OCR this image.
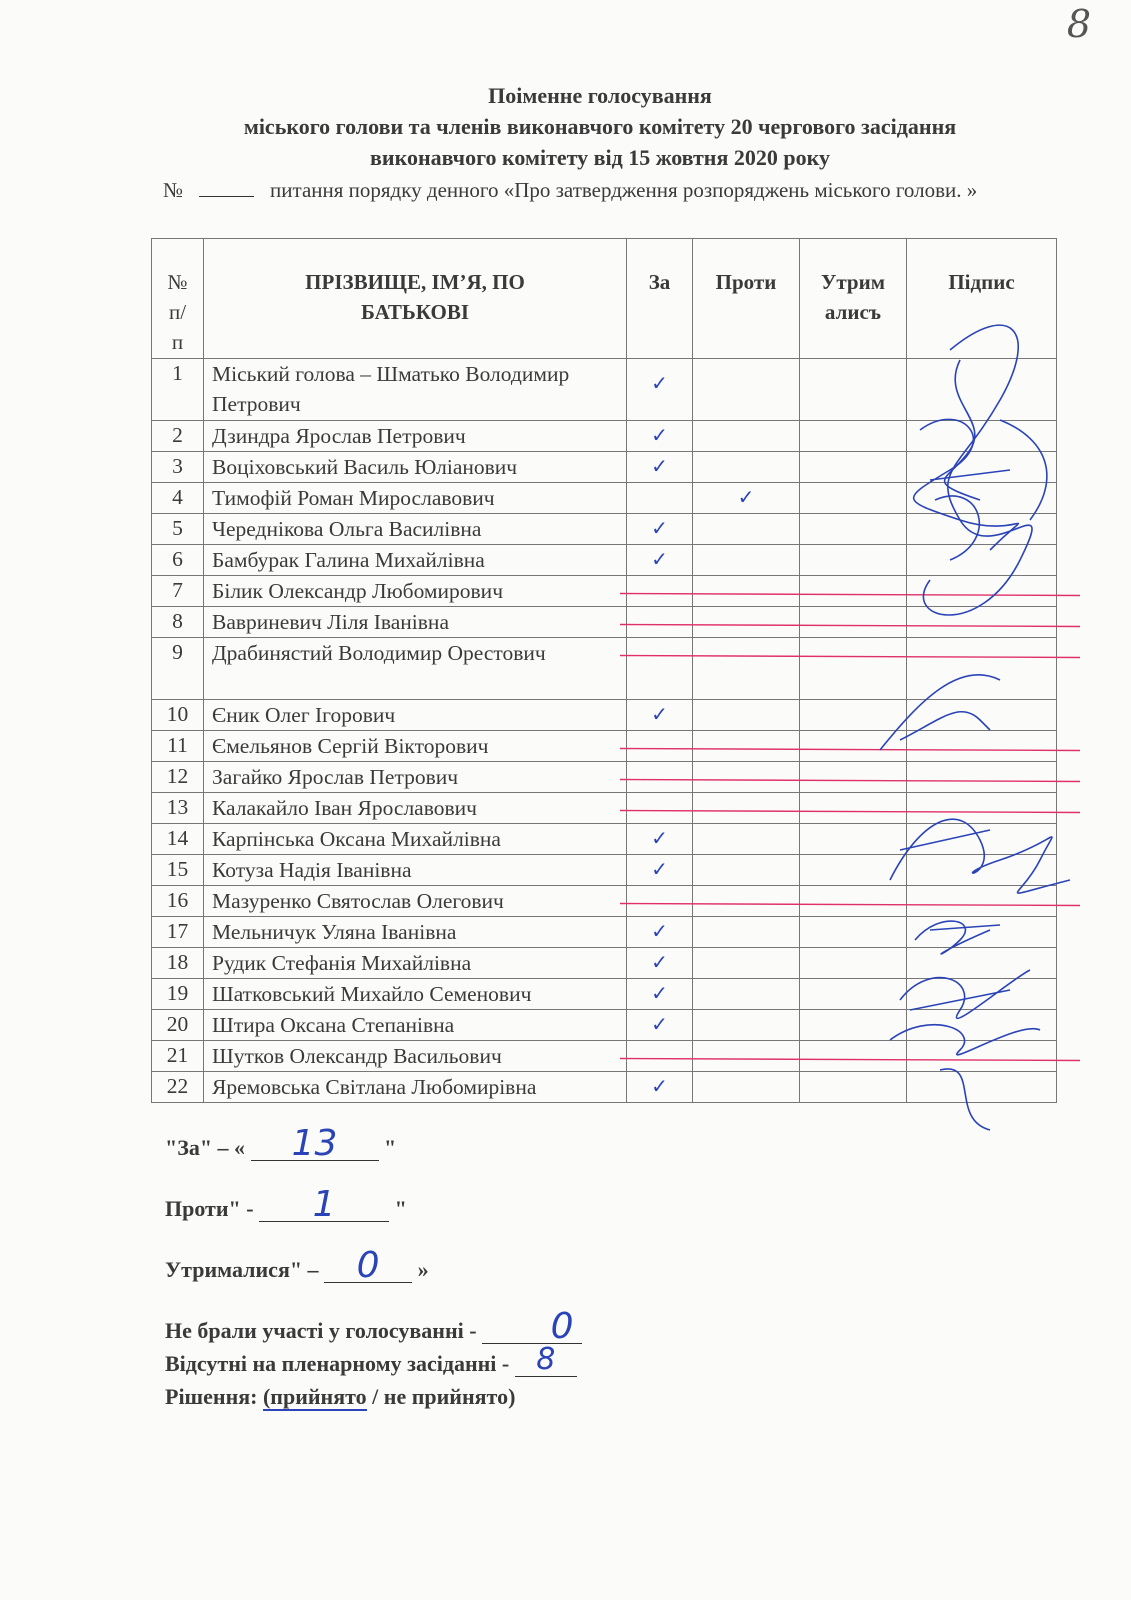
8
Поіменне голосування
міського голови та членів виконавчого комітету 20 чергового засідання
виконавчого комітету від 15 жовтня 2020 року
№	питання порядку денного «Про затвердження розпоряджень міського голови. »
№
п/
п	ПРІЗВИЩЕ, ІМ’Я, ПО БАТЬКОВІ	За	Проти	Утрим алисъ	Підпис
1	Міський голова – Шматько Володимир Петрович	✓			

2	Дзиндра Ярослав Петрович	✓			

3	Воціховський Василь Юліанович	✓			

4	Тимофій Роман Мирославович		✓		

5	Череднікова Ольга Василівна	✓			

6	Бамбурак Галина Михайлівна	✓			

7	Білик Олександр Любомирович				
8	Вавриневич Ліля Іванівна				
9	Драбинястий Володимир Орестович				
10	Єник Олег Ігорович	✓			

11	Ємельянов Сергій Вікторович				
12	Загайко Ярослав Петрович				
13	Калакайло Іван Ярославович				
14	Карпінська Оксана Михайлівна	✓			

15	Котуза Надія Іванівна	✓			

16	Мазуренко Святослав Олегович				
17	Мельничук Уляна Іванівна	✓			

18	Рудик Стефанія Михайлівна	✓			

19	Шатковський Михайло Семенович	✓			

20	Штира Оксана Степанівна	✓			

21	Шутков Олександр Васильович				
22	Яремовська Світлана Любомирівна	✓			

"За" – «	13	"
Проти" -	1	"
Утрималися" –	0	»
Не брали участі у голосуванні - 0
Відсутні на пленарному засіданні - 8
Рішення: (прийнято / не прийнято)
